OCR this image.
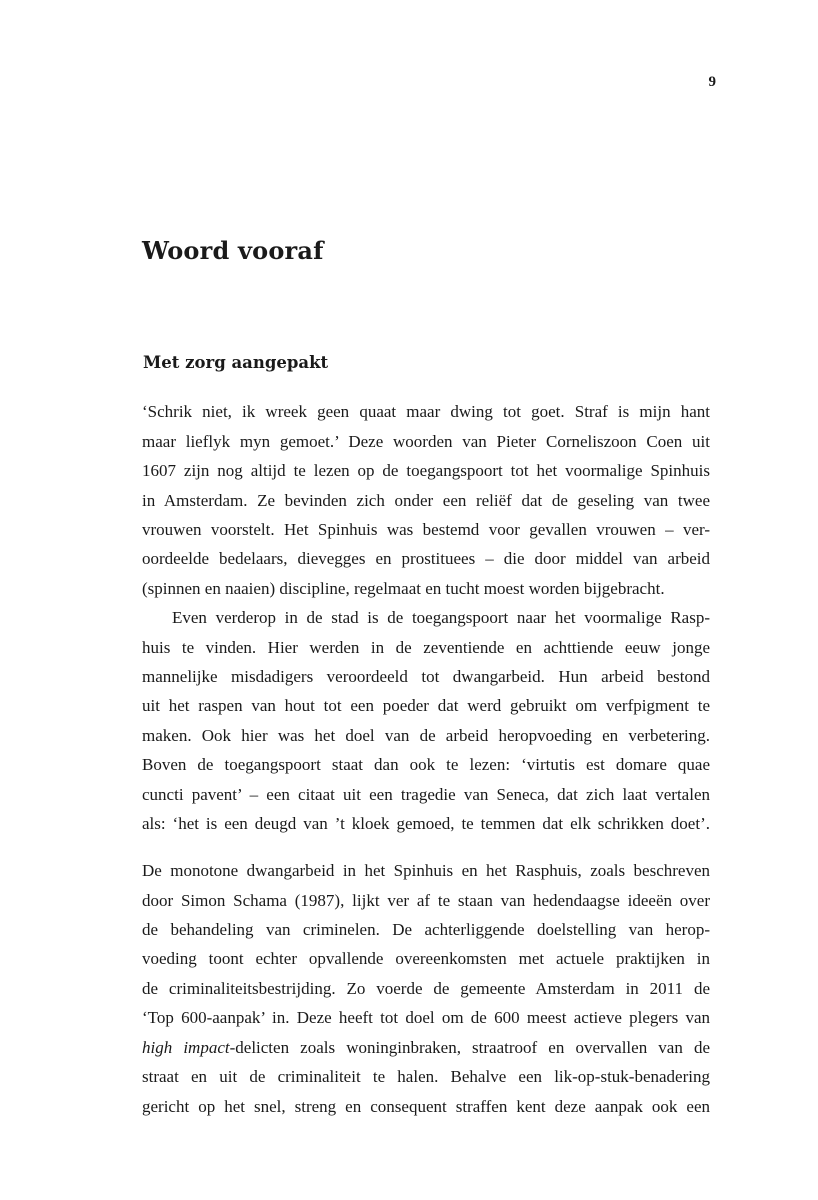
9
Woord vooraf
Met zorg aangepakt
‘Schrik niet, ik wreek geen quaat maar dwing tot goet. Straf is mijn hant
maar lieflyk myn gemoet.’ Deze woorden van Pieter Corneliszoon Coen uit
1607 zijn nog altijd te lezen op de toegangspoort tot het voormalige Spinhuis
in Amsterdam. Ze bevinden zich onder een reliëf dat de geseling van twee
vrouwen voorstelt. Het Spinhuis was bestemd voor gevallen vrouwen – ver-
oordeelde bedelaars, dievegges en prostituees – die door middel van arbeid
(spinnen en naaien) discipline, regelmaat en tucht moest worden bijgebracht.
Even verderop in de stad is de toegangspoort naar het voormalige Rasp-
huis te vinden. Hier werden in de zeventiende en achttiende eeuw jonge
mannelijke misdadigers veroordeeld tot dwangarbeid. Hun arbeid bestond
uit het raspen van hout tot een poeder dat werd gebruikt om verfpigment te
maken. Ook hier was het doel van de arbeid heropvoeding en verbetering.
Boven de toegangspoort staat dan ook te lezen: ‘virtutis est domare quae
cuncti pavent’ – een citaat uit een tragedie van Seneca, dat zich laat vertalen
als: ‘het is een deugd van ’t kloek gemoed, te temmen dat elk schrikken doet’.
De monotone dwangarbeid in het Spinhuis en het Rasphuis, zoals beschreven
door Simon Schama (1987), lijkt ver af te staan van hedendaagse ideeën over
de behandeling van criminelen. De achterliggende doelstelling van herop-
voeding toont echter opvallende overeenkomsten met actuele praktijken in
de criminaliteitsbestrijding. Zo voerde de gemeente Amsterdam in 2011 de
‘Top 600-aanpak’ in. Deze heeft tot doel om de 600 meest actieve plegers van
high impact-delicten zoals woninginbraken, straatroof en overvallen van de
straat en uit de criminaliteit te halen. Behalve een lik-op-stuk-benadering
gericht op het snel, streng en consequent straffen kent deze aanpak ook een
